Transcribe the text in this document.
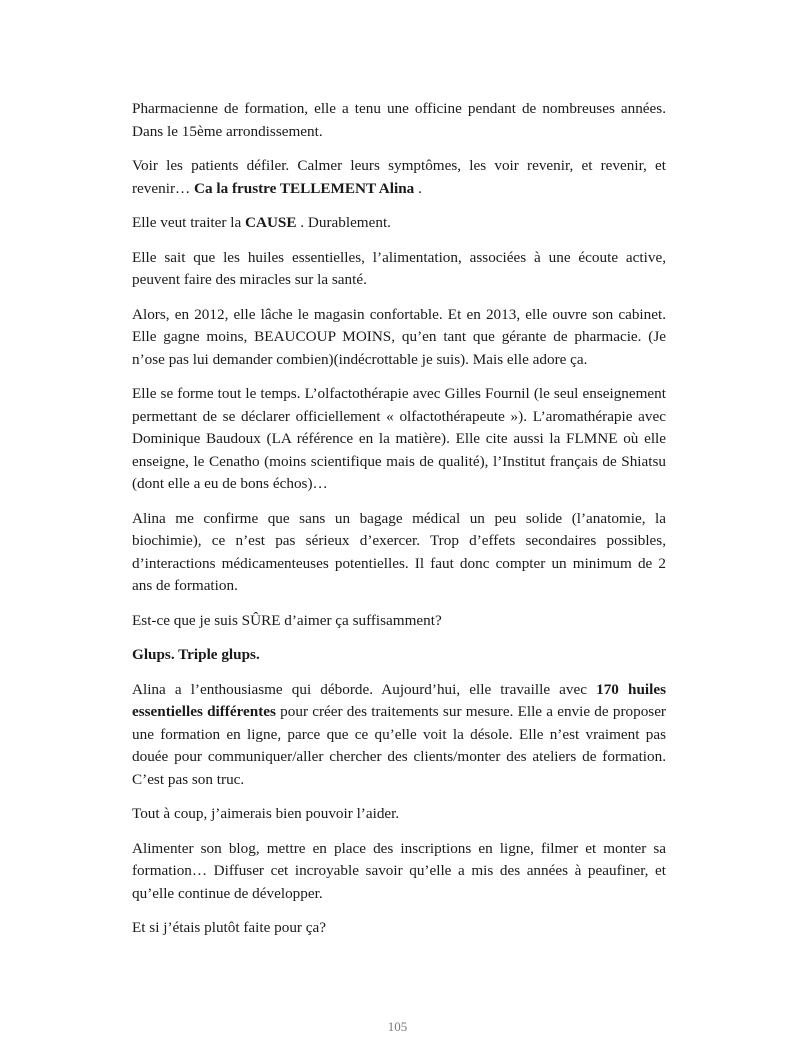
Pharmacienne de formation, elle a tenu une officine pendant de nombreuses années. Dans le 15ème arrondissement.

Voir les patients défiler. Calmer leurs symptômes, les voir revenir, et revenir, et revenir… Ca la frustre TELLEMENT Alina .

Elle veut traiter la CAUSE . Durablement.

Elle sait que les huiles essentielles, l’alimentation, associées à une écoute active, peuvent faire des miracles sur la santé.

Alors, en 2012, elle lâche le magasin confortable. Et en 2013, elle ouvre son cabinet. Elle gagne moins, BEAUCOUP MOINS, qu’en tant que gérante de pharmacie. (Je n’ose pas lui demander combien)(indécrottable je suis). Mais elle adore ça.

Elle se forme tout le temps. L’olfactothérapie avec Gilles Fournil (le seul enseignement permettant de se déclarer officiellement « olfactothérapeute »). L’aromathérapie avec Dominique Baudoux (LA référence en la matière). Elle cite aussi la FLMNE où elle enseigne, le Cenatho (moins scientifique mais de qualité), l’Institut français de Shiatsu (dont elle a eu de bons échos)…

Alina me confirme que sans un bagage médical un peu solide (l’anatomie, la biochimie), ce n’est pas sérieux d’exercer. Trop d’effets secondaires possibles, d’interactions médicamenteuses potentielles. Il faut donc compter un minimum de 2 ans de formation.

Est-ce que je suis SÛRE d’aimer ça suffisamment?

Glups. Triple glups.

Alina a l’enthousiasme qui déborde. Aujourd’hui, elle travaille avec 170 huiles essentielles différentes pour créer des traitements sur mesure. Elle a envie de proposer une formation en ligne, parce que ce qu’elle voit la désole. Elle n’est vraiment pas douée pour communiquer/aller chercher des clients/monter des ateliers de formation. C’est pas son truc.

Tout à coup, j’aimerais bien pouvoir l’aider.

Alimenter son blog, mettre en place des inscriptions en ligne, filmer et monter sa formation… Diffuser cet incroyable savoir qu’elle a mis des années à peaufiner, et qu’elle continue de développer.

Et si j’étais plutôt faite pour ça?

105
